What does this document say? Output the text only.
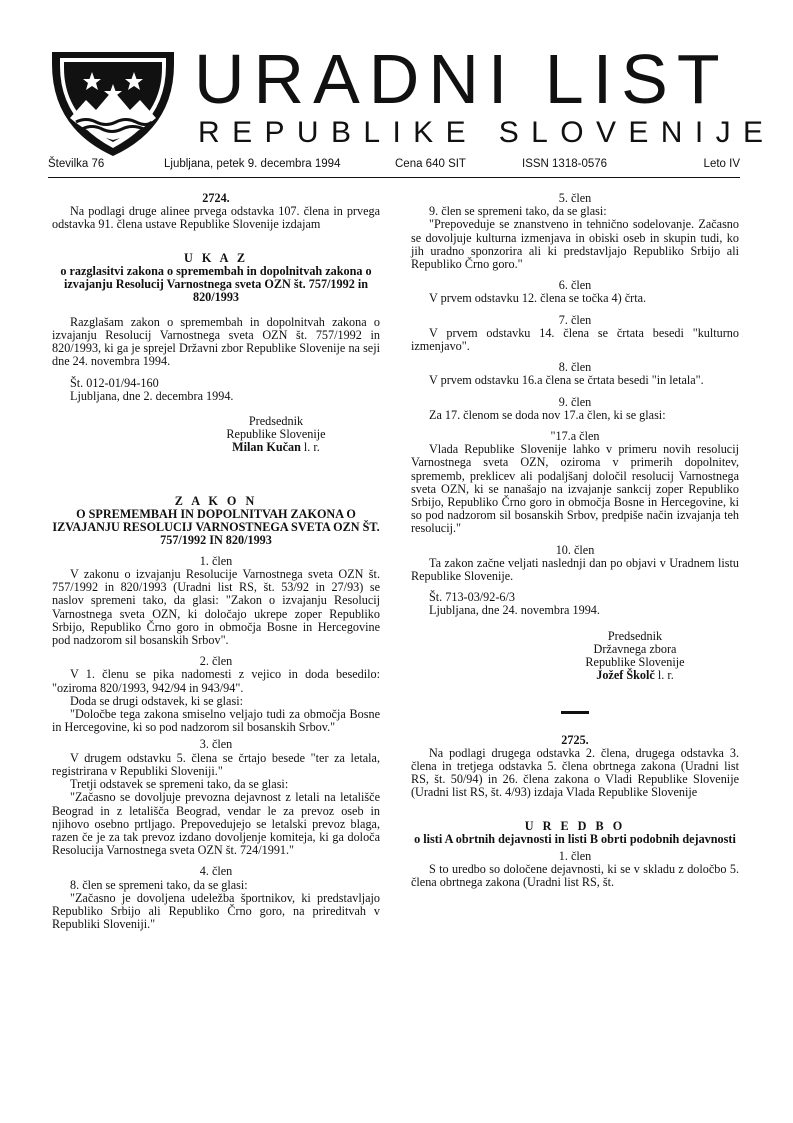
URADNI LIST
REPUBLIKE SLOVENIJE
Številka 76	Ljubljana, petek 9. decembra 1994	Cena 640 SIT	ISSN 1318-0576	Leto IV
2724.

Na podlagi druge alinee prvega odstavka 107. člena in prvega odstavka 91. člena ustave Republike Slovenije izdajam

U K A Z
o razglasitvi zakona o spremembah in dopolnitvah zakona o izvajanju Resolucij Varnostnega sveta OZN št. 757/1992 in 820/1993

Razglašam zakon o spremembah in dopolnitvah zakona o izvajanju Resolucij Varnostnega sveta OZN št. 757/1992 in 820/1993, ki ga je sprejel Državni zbor Republike Slovenije na seji dne 24. novembra 1994.

Št. 012-01/94-160

Ljubljana, dne 2. decembra 1994.

Predsednik
Republike Slovenije
Milan Kučan l. r.
Z A K O N
O SPREMEMBAH IN DOPOLNITVAH ZAKONA O IZVAJANJU RESOLUCIJ VARNOSTNEGA SVETA OZN ŠT. 757/1992 IN 820/1993
1. člen

V zakonu o izvajanju Resolucije Varnostnega sveta OZN št. 757/1992 in 820/1993 (Uradni list RS, št. 53/92 in 27/93) se naslov spremeni tako, da glasi: "Zakon o izvajanju Resolucij Varnostnega sveta OZN, ki določajo ukrepe zoper Republiko Srbijo, Republiko Črno goro in območja Bosne in Hercegovine pod nadzorom sil bosanskih Srbov".

2. člen

V 1. členu se pika nadomesti z vejico in doda besedilo: "oziroma 820/1993, 942/94 in 943/94".

Doda se drugi odstavek, ki se glasi:

"Določbe tega zakona smiselno veljajo tudi za območja Bosne in Hercegovine, ki so pod nadzorom sil bosanskih Srbov."

3. člen

V drugem odstavku 5. člena se črtajo besede "ter za letala, registrirana v Republiki Sloveniji."

Tretji odstavek se spremeni tako, da se glasi:

"Začasno se dovoljuje prevozna dejavnost z letali na letališče Beograd in z letališča Beograd, vendar le za prevoz oseb in njihovo osebno prtljago. Prepovedujejo se letalski prevoz blaga, razen če je za tak prevoz izdano dovoljenje komiteja, ki ga določa Resolucija Varnostnega sveta OZN št. 724/1991."

4. člen

8. člen se spremeni tako, da se glasi:

"Začasno je dovoljena udeležba športnikov, ki predstavljajo Republiko Srbijo ali Republiko Črno goro, na prireditvah v Republiki Sloveniji."

5. člen

9. člen se spremeni tako, da se glasi:

"Prepoveduje se znanstveno in tehnično sodelovanje. Začasno se dovoljuje kulturna izmenjava in obiski oseb in skupin tudi, ko jih uradno sponzorira ali ki predstavljajo Republiko Srbijo ali Republiko Črno goro."

6. člen

V prvem odstavku 12. člena se točka 4) črta.

7. člen

V prvem odstavku 14. člena se črtata besedi "kulturno izmenjavo".

8. člen

V prvem odstavku 16.a člena se črtata besedi "in letala".

9. člen

Za 17. členom se doda nov 17.a člen, ki se glasi:

"17.a člen

Vlada Republike Slovenije lahko v primeru novih resolucij Varnostnega sveta OZN, oziroma v primerih dopolnitev, sprememb, preklicev ali podaljšanj določil resolucij Varnostnega sveta OZN, ki se nanašajo na izvajanje sankcij zoper Republiko Srbijo, Republiko Črno goro in območja Bosne in Hercegovine, ki so pod nadzorom sil bosanskih Srbov, predpiše način izvajanja teh resolucij."

10. člen

Ta zakon začne veljati naslednji dan po objavi v Uradnem listu Republike Slovenije.

Št. 713-03/92-6/3

Ljubljana, dne 24. novembra 1994.

Predsednik
Državnega zbora
Republike Slovenije
Jožef Školč l. r.
2725.

Na podlagi drugega odstavka 2. člena, drugega odstavka 3. člena in tretjega odstavka 5. člena obrtnega zakona (Uradni list RS, št. 50/94) in 26. člena zakona o Vladi Republike Slovenije (Uradni list RS, št. 4/93) izdaja Vlada Republike Slovenije

U R E D B O
o listi A obrtnih dejavnosti in listi B obrti podobnih dejavnosti
1. člen

S to uredbo so določene dejavnosti, ki se v skladu z določbo 5. člena obrtnega zakona (Uradni list RS, št.
